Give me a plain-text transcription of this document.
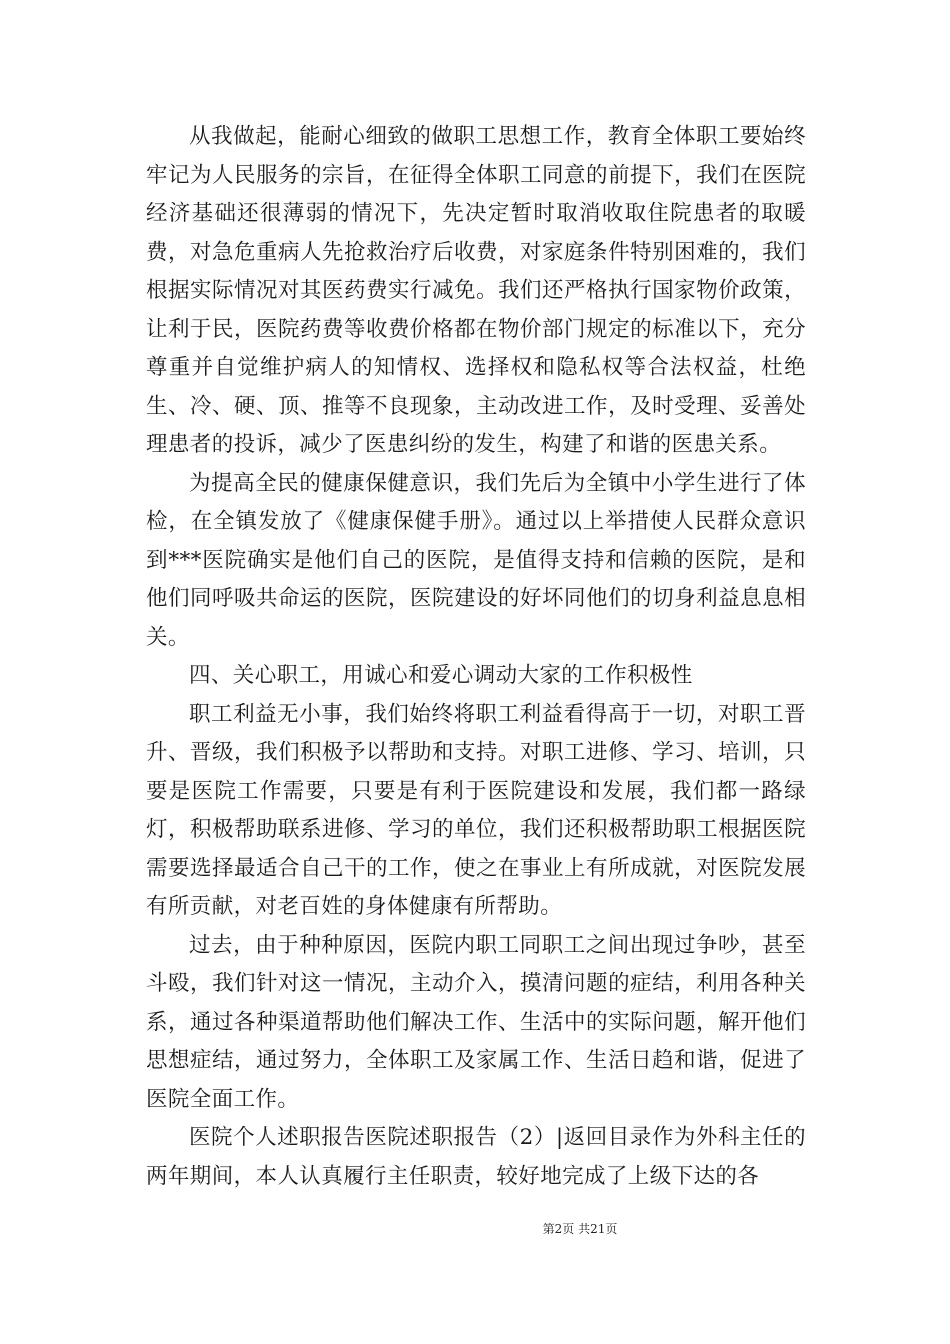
从我做起，能耐心细致的做职工思想工作，教育全体职工要始终牢记为人民服务的宗旨，在征得全体职工同意的前提下，我们在医院经济基础还很薄弱的情况下，先决定暂时取消收取住院患者的取暖费，对急危重病人先抢救治疗后收费，对家庭条件特别困难的，我们根据实际情况对其医药费实行减免。我们还严格执行国家物价政策，让利于民，医院药费等收费价格都在物价部门规定的标准以下，充分尊重并自觉维护病人的知情权、选择权和隐私权等合法权益，杜绝生、冷、硬、顶、推等不良现象，主动改进工作，及时受理、妥善处理患者的投诉，减少了医患纠纷的发生，构建了和谐的医患关系。

为提高全民的健康保健意识，我们先后为全镇中小学生进行了体检，在全镇发放了《健康保健手册》。通过以上举措使人民群众意识到***医院确实是他们自己的医院，是值得支持和信赖的医院，是和他们同呼吸共命运的医院，医院建设的好坏同他们的切身利益息息相关。

四、关心职工，用诚心和爱心调动大家的工作积极性

职工利益无小事，我们始终将职工利益看得高于一切，对职工晋升、晋级，我们积极予以帮助和支持。对职工进修、学习、培训，只要是医院工作需要，只要是有利于医院建设和发展，我们都一路绿灯，积极帮助联系进修、学习的单位，我们还积极帮助职工根据医院需要选择最适合自己干的工作，使之在事业上有所成就，对医院发展有所贡献，对老百姓的身体健康有所帮助。

过去，由于种种原因，医院内职工同职工之间出现过争吵，甚至斗殴，我们针对这一情况，主动介入，摸清问题的症结，利用各种关系，通过各种渠道帮助他们解决工作、生活中的实际问题，解开他们思想症结，通过努力，全体职工及家属工作、生活日趋和谐，促进了医院全面工作。

医院个人述职报告医院述职报告（2）|返回目录作为外科主任的两年期间，本人认真履行主任职责，较好地完成了上级下达的各

第2页 共21页
